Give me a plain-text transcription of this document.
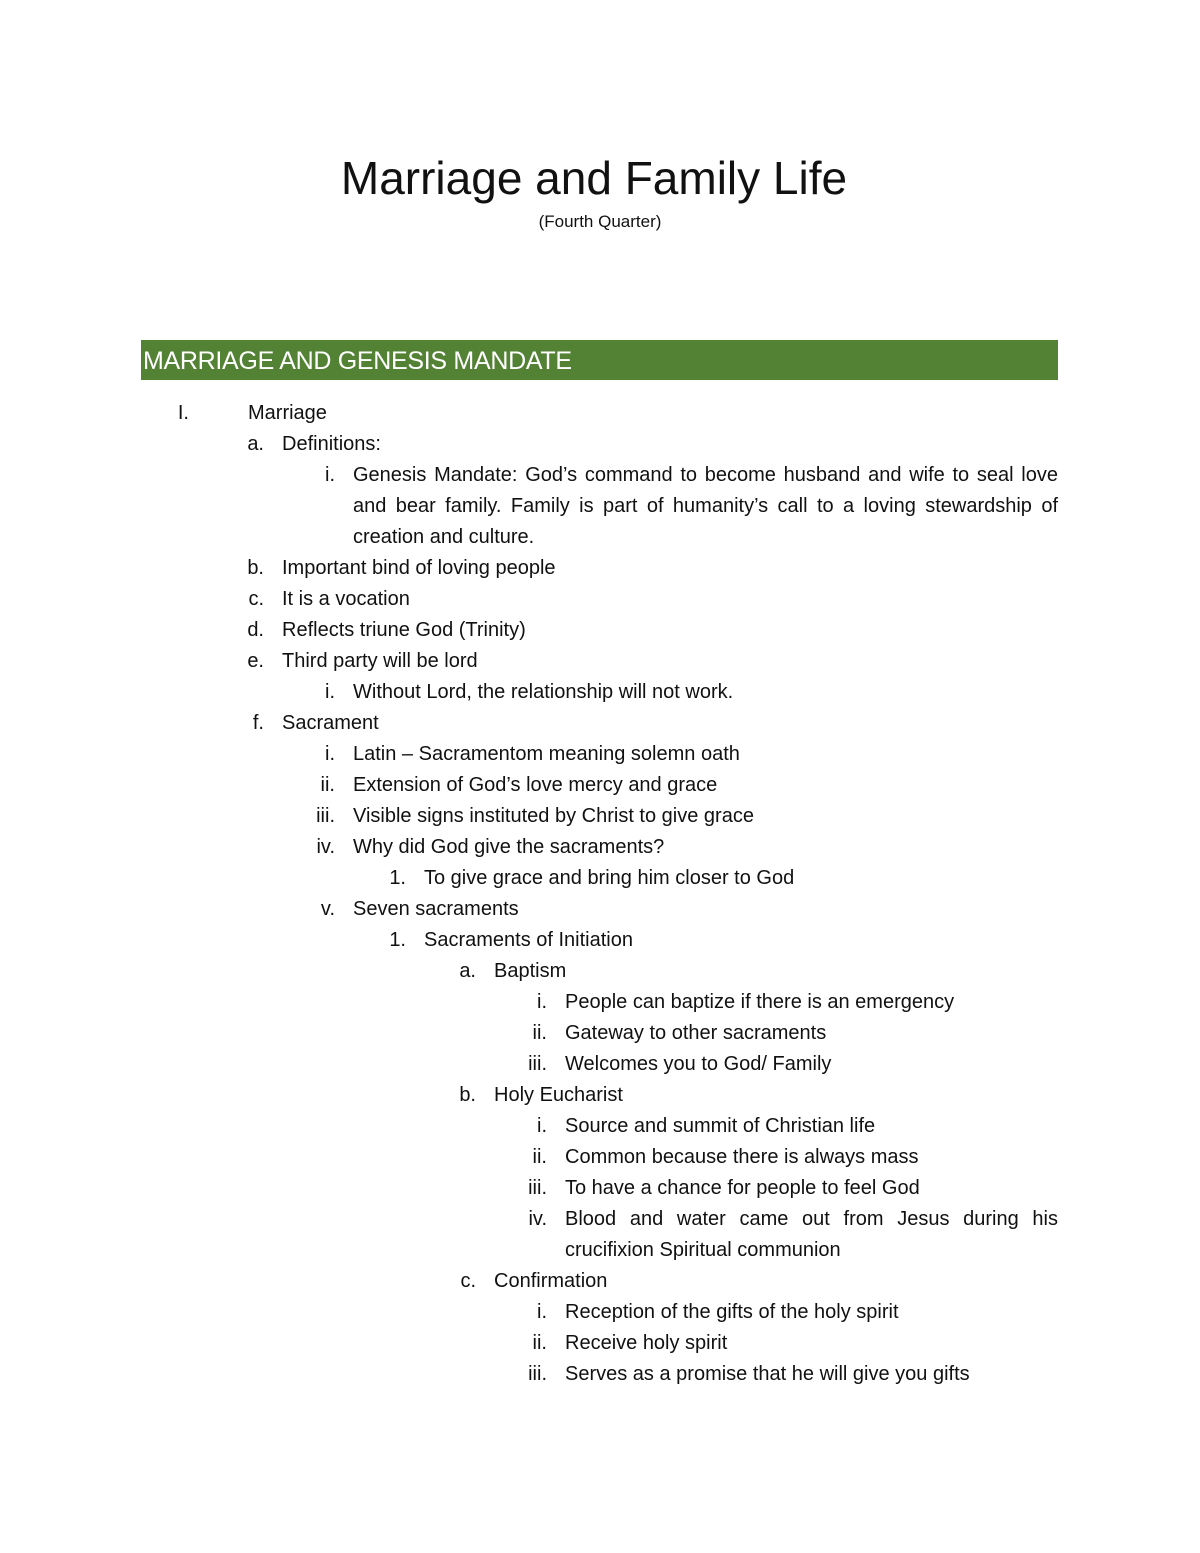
Marriage and Family Life
(Fourth Quarter)
MARRIAGE AND GENESIS MANDATE
I.	Marriage
a. Definitions:
i. Genesis Mandate: God’s command to become husband and wife to seal love and bear family. Family is part of humanity’s call to a loving stewardship of creation and culture.
b. Important bind of loving people
c. It is a vocation
d. Reflects triune God (Trinity)
e. Third party will be lord
i. Without Lord, the relationship will not work.
f. Sacrament
i. Latin – Sacramentom meaning solemn oath
ii. Extension of God’s love mercy and grace
iii. Visible signs instituted by Christ to give grace
iv. Why did God give the sacraments?
1. To give grace and bring him closer to God
v. Seven sacraments
1. Sacraments of Initiation
a. Baptism
i. People can baptize if there is an emergency
ii. Gateway to other sacraments
iii. Welcomes you to God/ Family
b. Holy Eucharist
i. Source and summit of Christian life
ii. Common because there is always mass
iii. To have a chance for people to feel God
iv. Blood and water came out from Jesus during his crucifixion Spiritual communion
c. Confirmation
i. Reception of the gifts of the holy spirit
ii. Receive holy spirit
iii. Serves as a promise that he will give you gifts
